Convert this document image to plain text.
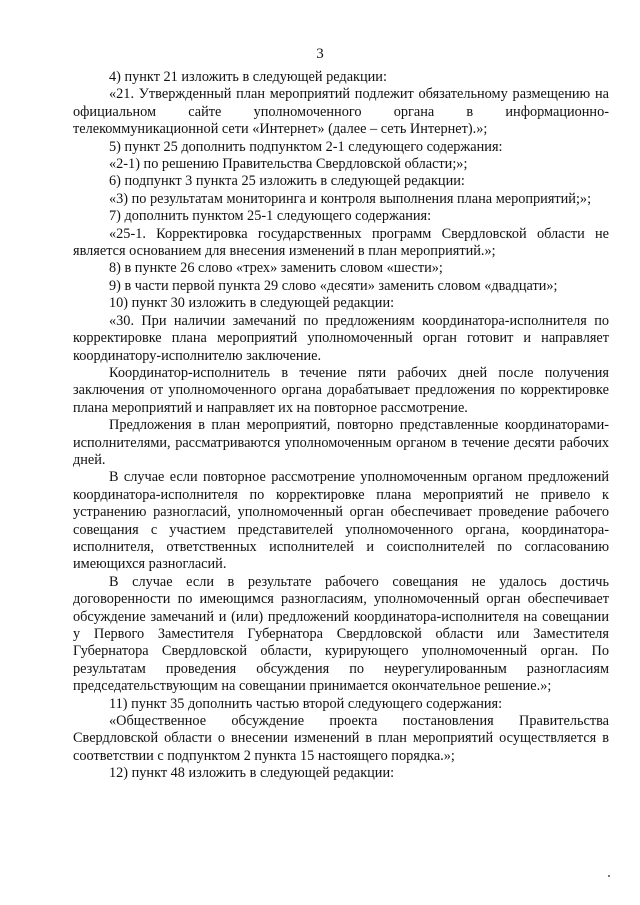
3

4) пункт 21 изложить в следующей редакции:

«21. Утвержденный план мероприятий подлежит обязательному размещению на официальном сайте уполномоченного органа в информационно-телекоммуникационной сети «Интернет» (далее – сеть Интернет).»;

5) пункт 25 дополнить подпунктом 2-1 следующего содержания:

«2-1) по решению Правительства Свердловской области;»;

6) подпункт 3 пункта 25 изложить в следующей редакции:

«3) по результатам мониторинга и контроля выполнения плана мероприятий;»;

7) дополнить пунктом 25-1 следующего содержания:

«25-1. Корректировка государственных программ Свердловской области не является основанием для внесения изменений в план мероприятий.»;

8) в пункте 26 слово «трех» заменить словом «шести»;

9) в части первой пункта 29 слово «десяти» заменить словом «двадцати»;

10) пункт 30 изложить в следующей редакции:

«30. При наличии замечаний по предложениям координатора-исполнителя по корректировке плана мероприятий уполномоченный орган готовит и направляет координатору-исполнителю заключение.

Координатор-исполнитель в течение пяти рабочих дней после получения заключения от уполномоченного органа дорабатывает предложения по корректировке плана мероприятий и направляет их на повторное рассмотрение.

Предложения в план мероприятий, повторно представленные координаторами-исполнителями, рассматриваются уполномоченным органом в течение десяти рабочих дней.

В случае если повторное рассмотрение уполномоченным органом предложений координатора-исполнителя по корректировке плана мероприятий не привело к устранению разногласий, уполномоченный орган обеспечивает проведение рабочего совещания с участием представителей уполномоченного органа, координатора-исполнителя, ответственных исполнителей и соисполнителей по согласованию имеющихся разногласий.

В случае если в результате рабочего совещания не удалось достичь договоренности по имеющимся разногласиям, уполномоченный орган обеспечивает обсуждение замечаний и (или) предложений координатора-исполнителя на совещании у Первого Заместителя Губернатора Свердловской области или Заместителя Губернатора Свердловской области, курирующего уполномоченный орган. По результатам проведения обсуждения по неурегулированным разногласиям председательствующим на совещании принимается окончательное решение.»;

11) пункт 35 дополнить частью второй следующего содержания:

«Общественное обсуждение проекта постановления Правительства Свердловской области о внесении изменений в план мероприятий осуществляется в соответствии с подпунктом 2 пункта 15 настоящего порядка.»;

12) пункт 48 изложить в следующей редакции:
